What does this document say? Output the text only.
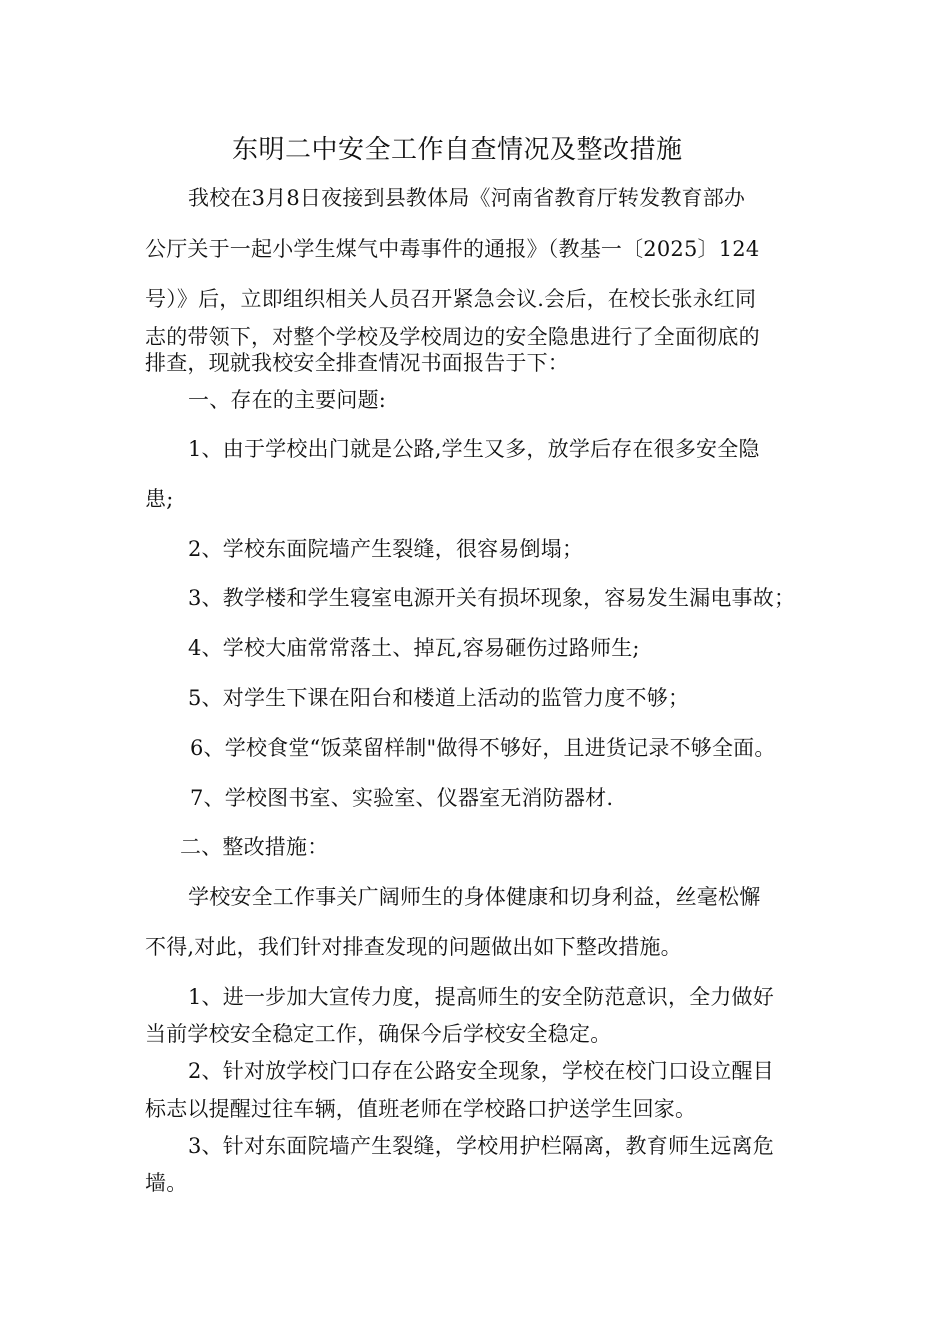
东明二中安全工作自查情况及整改措施
我校在3月8日夜接到县教体局《河南省教育厅转发教育部办
公厅关于一起小学生煤气中毒事件的通报》（教基一〔2025〕124
号）》后，立即组织相关人员召开紧急会议.会后，在校长张永红同
志的带领下，对整个学校及学校周边的安全隐患进行了全面彻底的
排查，现就我校安全排查情况书面报告于下：
一、存在的主要问题:
1、由于学校出门就是公路,学生又多，放学后存在很多安全隐
患;
2、学校东面院墙产生裂缝，很容易倒塌；
3、教学楼和学生寝室电源开关有损坏现象，容易发生漏电事故；
4、学校大庙常常落土、掉瓦,容易砸伤过路师生;
5、对学生下课在阳台和楼道上活动的监管力度不够；
6、学校食堂“饭菜留样制"做得不够好，且进货记录不够全面。
7、学校图书室、实验室、仪器室无消防器材.
二、整改措施：
学校安全工作事关广阔师生的身体健康和切身利益，丝毫松懈
不得,对此，我们针对排查发现的问题做出如下整改措施。
1、进一步加大宣传力度，提高师生的安全防范意识，全力做好
当前学校安全稳定工作，确保今后学校安全稳定。
2、针对放学校门口存在公路安全现象，学校在校门口设立醒目
标志以提醒过往车辆，值班老师在学校路口护送学生回家。
3、针对东面院墙产生裂缝，学校用护栏隔离，教育师生远离危
墙。
